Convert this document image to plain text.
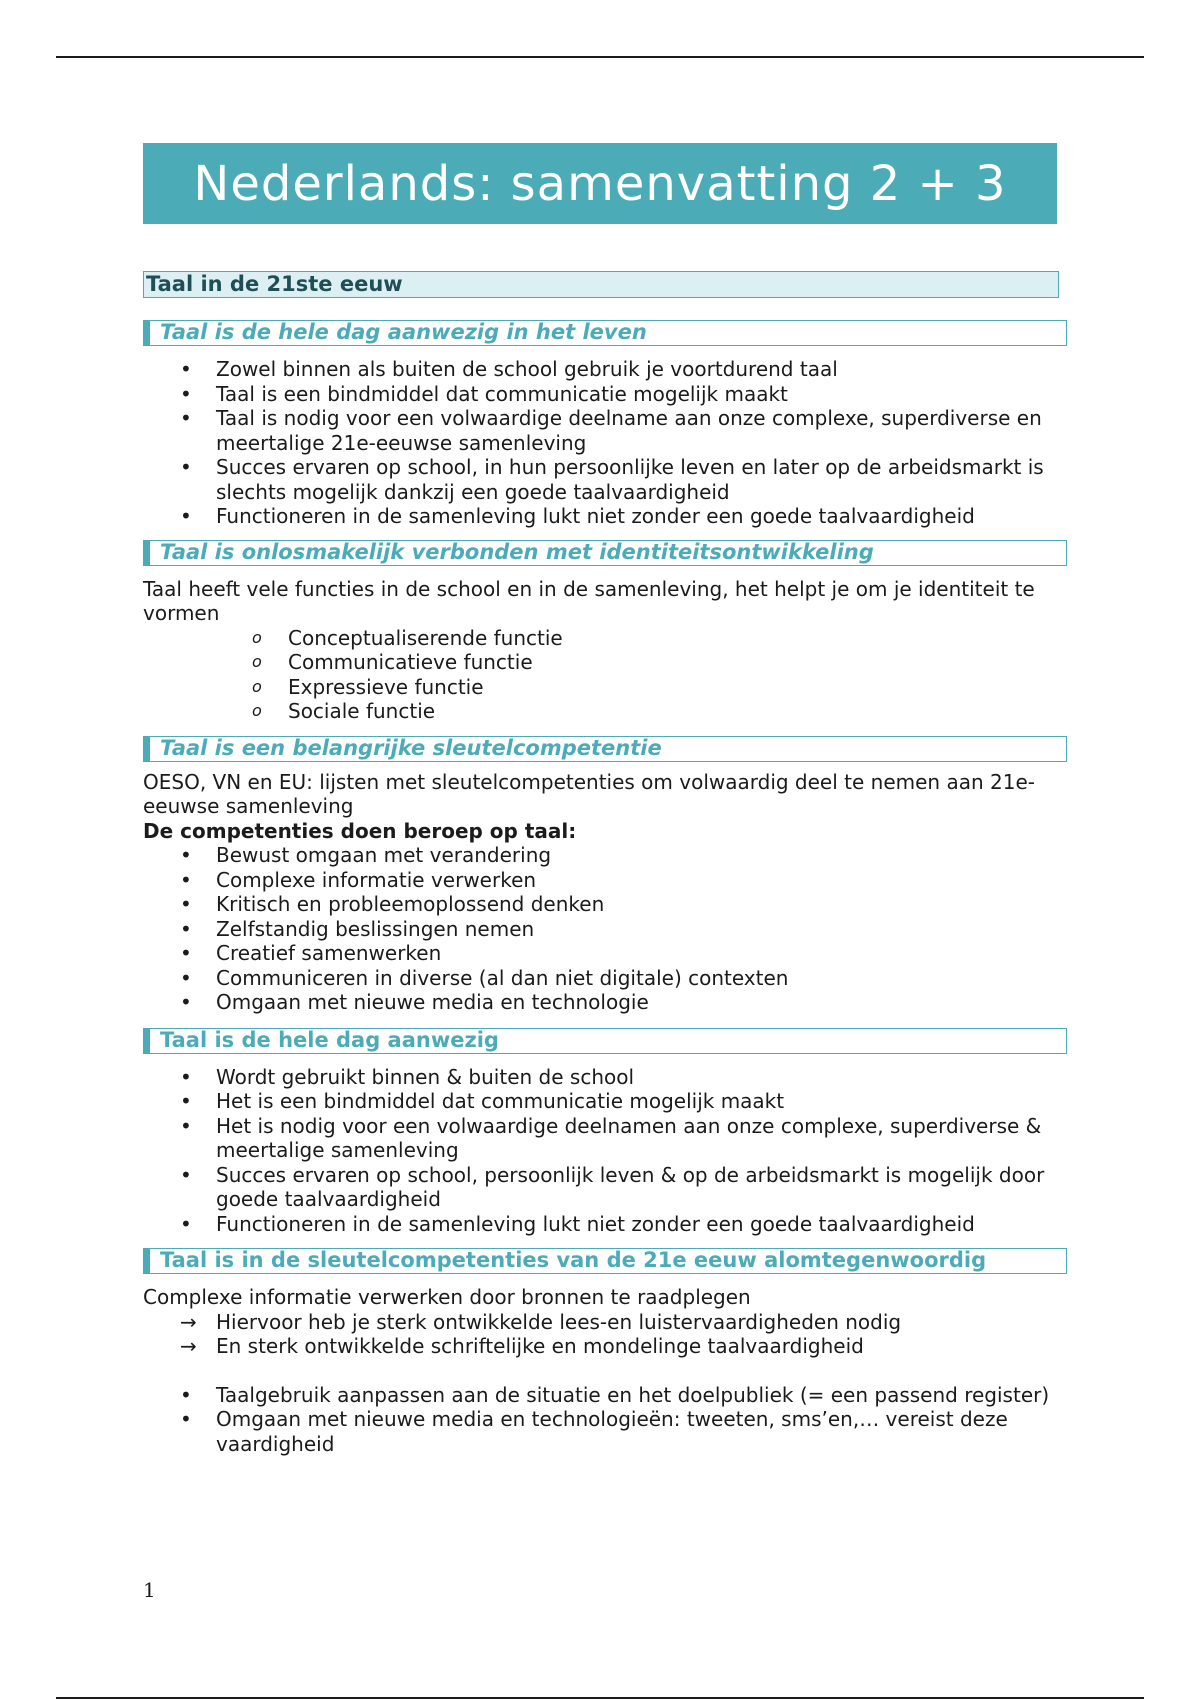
Nederlands: samenvatting 2 + 3
Taal in de 21ste eeuw
Taal is de hele dag aanwezig in het leven
• Zowel binnen als buiten de school gebruik je voortdurend taal
• Taal is een bindmiddel dat communicatie mogelijk maakt
• Taal is nodig voor een volwaardige deelname aan onze complexe, superdiverse en meertalige 21e-eeuwse samenleving
• Succes ervaren op school, in hun persoonlijke leven en later op de arbeidsmarkt is slechts mogelijk dankzij een goede taalvaardigheid
• Functioneren in de samenleving lukt niet zonder een goede taalvaardigheid
Taal is onlosmakelijk verbonden met identiteitsontwikkeling

Taal heeft vele functies in de school en in de samenleving, het helpt je om je identiteit te vormen

o Conceptualiserende functie
o Communicatieve functie
o Expressieve functie
o Sociale functie
Taal is een belangrijke sleutelcompetentie

OESO, VN en EU: lijsten met sleutelcompetenties om volwaardig deel te nemen aan 21e-eeuwse samenleving

De competenties doen beroep op taal:

• Bewust omgaan met verandering
• Complexe informatie verwerken
• Kritisch en probleemoplossend denken
• Zelfstandig beslissingen nemen
• Creatief samenwerken
• Communiceren in diverse (al dan niet digitale) contexten
• Omgaan met nieuwe media en technologie
Taal is de hele dag aanwezig
• Wordt gebruikt binnen & buiten de school
• Het is een bindmiddel dat communicatie mogelijk maakt
• Het is nodig voor een volwaardige deelnamen aan onze complexe, superdiverse & meertalige samenleving
• Succes ervaren op school, persoonlijk leven & op de arbeidsmarkt is mogelijk door goede taalvaardigheid
• Functioneren in de samenleving lukt niet zonder een goede taalvaardigheid
Taal is in de sleutelcompetenties van de 21e eeuw alomtegenwoordig

Complexe informatie verwerken door bronnen te raadplegen

→ Hiervoor heb je sterk ontwikkelde lees-en luistervaardigheden nodig
→ En sterk ontwikkelde schriftelijke en mondelinge taalvaardigheid
• Taalgebruik aanpassen aan de situatie en het doelpubliek (= een passend register)
• Omgaan met nieuwe media en technologieën: tweeten, sms’en,… vereist deze vaardigheid
1
